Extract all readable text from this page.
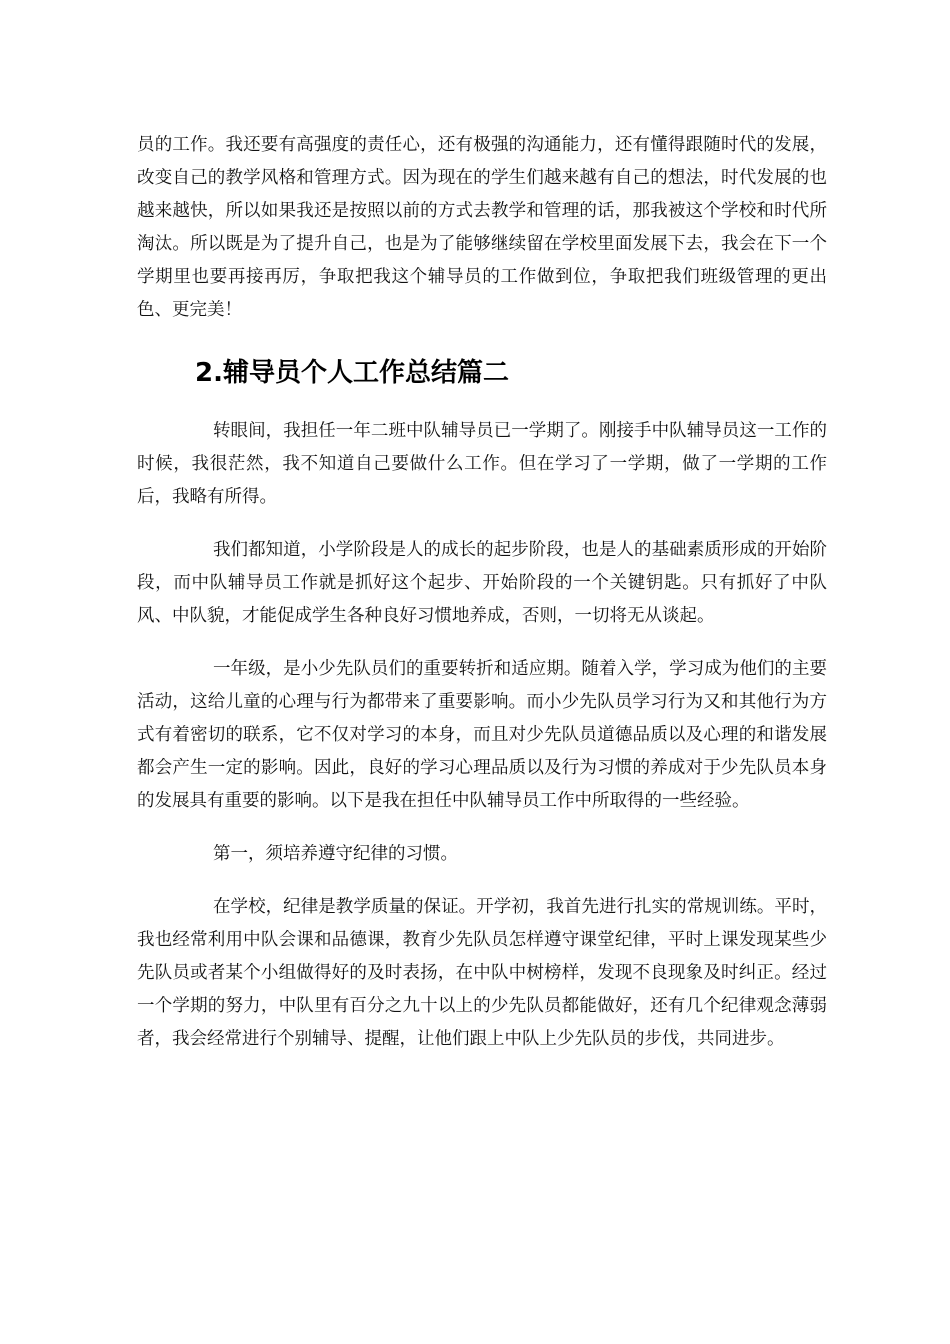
员的工作。我还要有高强度的责任心，还有极强的沟通能力，还有懂得跟随时代的发展，改变自己的教学风格和管理方式。因为现在的学生们越来越有自己的想法，时代发展的也越来越快，所以如果我还是按照以前的方式去教学和管理的话，那我被这个学校和时代所淘汰。所以既是为了提升自己，也是为了能够继续留在学校里面发展下去，我会在下一个学期里也要再接再厉，争取把我这个辅导员的工作做到位，争取把我们班级管理的更出色、更完美！

2.辅导员个人工作总结篇二

转眼间，我担任一年二班中队辅导员已一学期了。刚接手中队辅导员这一工作的时候，我很茫然，我不知道自己要做什么工作。但在学习了一学期，做了一学期的工作后，我略有所得。

我们都知道，小学阶段是人的成长的起步阶段，也是人的基础素质形成的开始阶段，而中队辅导员工作就是抓好这个起步、开始阶段的一个关键钥匙。只有抓好了中队风、中队貌，才能促成学生各种良好习惯地养成，否则，一切将无从谈起。

一年级，是小少先队员们的重要转折和适应期。随着入学，学习成为他们的主要活动，这给儿童的心理与行为都带来了重要影响。而小少先队员学习行为又和其他行为方式有着密切的联系，它不仅对学习的本身，而且对少先队员道德品质以及心理的和谐发展都会产生一定的影响。因此，良好的学习心理品质以及行为习惯的养成对于少先队员本身的发展具有重要的影响。以下是我在担任中队辅导员工作中所取得的一些经验。

第一，须培养遵守纪律的习惯。

在学校，纪律是教学质量的保证。开学初，我首先进行扎实的常规训练。平时，我也经常利用中队会课和品德课，教育少先队员怎样遵守课堂纪律，平时上课发现某些少先队员或者某个小组做得好的及时表扬，在中队中树榜样，发现不良现象及时纠正。经过一个学期的努力，中队里有百分之九十以上的少先队员都能做好，还有几个纪律观念薄弱者，我会经常进行个别辅导、提醒，让他们跟上中队上少先队员的步伐，共同进步。
